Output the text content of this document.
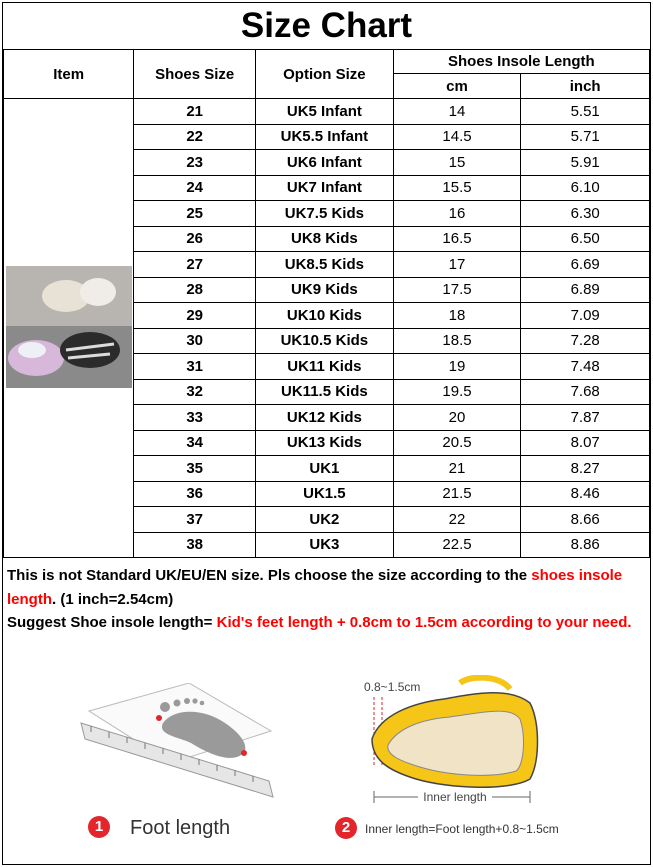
Size Chart
Item	Shoes Size	Option Size	Shoes Insole Length	
			cm	inch

	21	UK5 Infant	14	5.51
	22	UK5.5 Infant	14.5	5.71
	23	UK6 Infant	15	5.91
	24	UK7 Infant	15.5	6.10
	25	UK7.5 Kids	16	6.30
	26	UK8 Kids	16.5	6.50
	27	UK8.5 Kids	17	6.69
	28	UK9 Kids	17.5	6.89
	29	UK10 Kids	18	7.09
	30	UK10.5 Kids	18.5	7.28
	31	UK11 Kids	19	7.48
	32	UK11.5 Kids	19.5	7.68
	33	UK12 Kids	20	7.87
	34	UK13 Kids	20.5	8.07
	35	UK1	21	8.27
	36	UK1.5	21.5	8.46
	37	UK2	22	8.66
	38	UK3	22.5	8.86
This is not Standard UK/EU/EN size. Pls choose the size according to the shoes insole length. (1 inch=2.54cm)
Suggest Shoe insole length= Kid's feet length + 0.8cm to 1.5cm according to your need.
0.8~1.5cm
Inner length
1	Foot length	2	Inner length=Foot length+0.8~1.5cm
